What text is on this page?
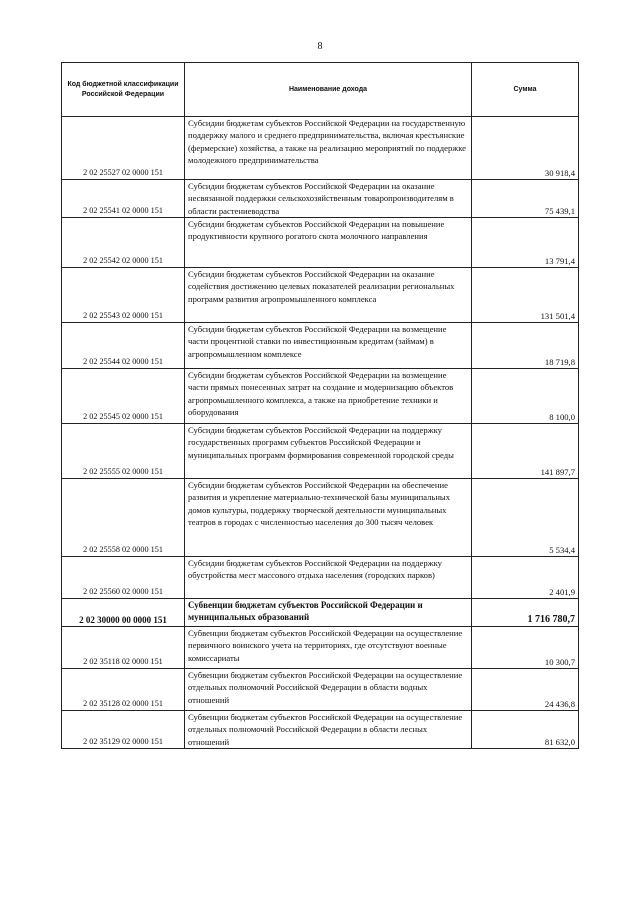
8
Код бюджетной классификации Российской Федерации	Наименование дохода	Сумма
2 02 25527 02 0000 151	Субсидии бюджетам субъектов Российской Федерации на государственную поддержку малого и среднего предпринимательства, включая крестьянские (фермерские) хозяйства, а также на реализацию мероприятий по поддержке молодежного предпринимательства	30 918,4
2 02 25541 02 0000 151	Субсидии бюджетам субъектов Российской Федерации на оказание несвязанной поддержки сельскохозяйственным товаропроизводителям в области растениеводства	75 439,1
2 02 25542 02 0000 151	Субсидии бюджетам субъектов Российской Федерации на повышение продуктивности крупного рогатого скота молочного направления	13 791,4
2 02 25543 02 0000 151	Субсидии бюджетам субъектов Российской Федерации на оказание содействия достижению целевых показателей реализации региональных программ развития агропромышленного комплекса	131 501,4
2 02 25544 02 0000 151	Субсидии бюджетам субъектов Российской Федерации на возмещение части процентной ставки по инвестиционным кредитам (займам) в агропромышленном комплексе	18 719,8
2 02 25545 02 0000 151	Субсидии бюджетам субъектов Российской Федерации на возмещение части прямых понесенных затрат на создание и модернизацию объектов агропромышленного комплекса, а также на приобретение техники и оборудования	8 100,0
2 02 25555 02 0000 151	Субсидии бюджетам субъектов Российской Федерации на поддержку государственных программ субъектов Российской Федерации и муниципальных программ формирования современной городской среды	141 897,7
2 02 25558 02 0000 151	Субсидии бюджетам субъектов Российской Федерации на обеспечение развития и укрепление материально-технической базы муниципальных домов культуры, поддержку творческой деятельности муниципальных театров в городах с численностью населения до 300 тысяч человек	5 534,4
2 02 25560 02 0000 151	Субсидии бюджетам субъектов Российской Федерации на поддержку обустройства мест массового отдыха населения (городских парков)	2 401,9
2 02 30000 00 0000 151	Субвенции бюджетам субъектов Российской Федерации и муниципальных образований	1 716 780,7
2 02 35118 02 0000 151	Субвенции бюджетам субъектов Российской Федерации на осуществление первичного воинского учета на территориях, где отсутствуют военные комиссариаты	10 300,7
2 02 35128 02 0000 151	Субвенции бюджетам субъектов Российской Федерации на осуществление отдельных полномочий Российской Федерации в области водных отношений	24 436,8
2 02 35129 02 0000 151	Субвенции бюджетам субъектов Российской Федерации на осуществление отдельных полномочий Российской Федерации в области лесных отношений	81 632,0
